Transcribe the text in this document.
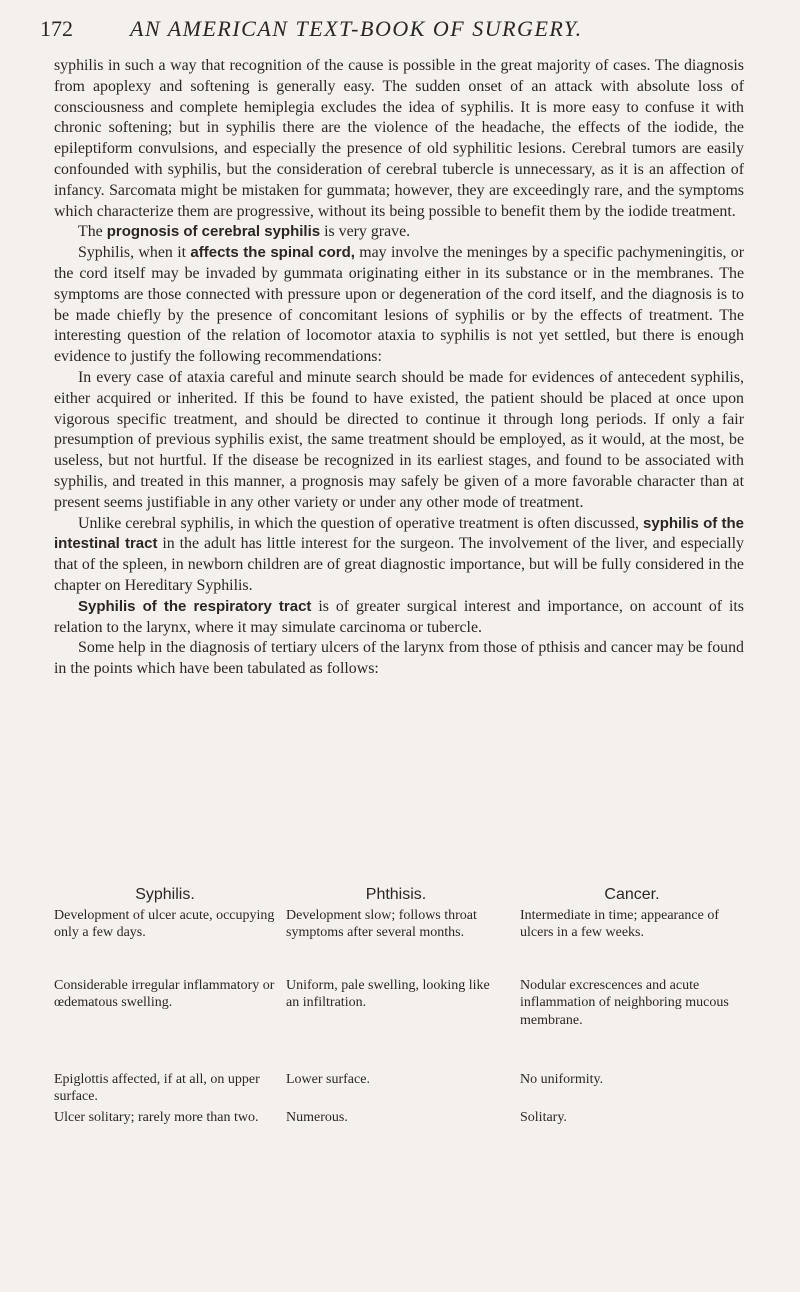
172	AN AMERICAN TEXT-BOOK OF SURGERY.

syphilis in such a way that recognition of the cause is possible in the great majority of cases. The diagnosis from apoplexy and softening is generally easy. The sudden onset of an attack with absolute loss of consciousness and complete hemiplegia excludes the idea of syphilis. It is more easy to confuse it with chronic softening; but in syphilis there are the violence of the headache, the effects of the iodide, the epileptiform convulsions, and especially the presence of old syphilitic lesions. Cerebral tumors are easily confounded with syphilis, but the consideration of cerebral tubercle is unnecessary, as it is an affection of infancy. Sarcomata might be mistaken for gummata; however, they are exceedingly rare, and the symptoms which characterize them are progressive, without its being possible to benefit them by the iodide treatment.

The prognosis of cerebral syphilis is very grave.

Syphilis, when it affects the spinal cord, may involve the meninges by a specific pachymeningitis, or the cord itself may be invaded by gummata originating either in its substance or in the membranes. The symptoms are those connected with pressure upon or degeneration of the cord itself, and the diagnosis is to be made chiefly by the presence of concomitant lesions of syphilis or by the effects of treatment. The interesting question of the relation of locomotor ataxia to syphilis is not yet settled, but there is enough evidence to justify the following recommendations:

In every case of ataxia careful and minute search should be made for evidences of antecedent syphilis, either acquired or inherited. If this be found to have existed, the patient should be placed at once upon vigorous specific treatment, and should be directed to continue it through long periods. If only a fair presumption of previous syphilis exist, the same treatment should be employed, as it would, at the most, be useless, but not hurtful. If the disease be recognized in its earliest stages, and found to be associated with syphilis, and treated in this manner, a prognosis may safely be given of a more favorable character than at present seems justifiable in any other variety or under any other mode of treatment.

Unlike cerebral syphilis, in which the question of operative treatment is often discussed, syphilis of the intestinal tract in the adult has little interest for the surgeon. The involvement of the liver, and especially that of the spleen, in newborn children are of great diagnostic importance, but will be fully considered in the chapter on Hereditary Syphilis.

Syphilis of the respiratory tract is of greater surgical interest and importance, on account of its relation to the larynx, where it may simulate carcinoma or tubercle.

Some help in the diagnosis of tertiary ulcers of the larynx from those of pthisis and cancer may be found in the points which have been tabulated as follows:

Syphilis.
Development of ulcer acute, occupying only a few days.
Considerable irregular inflammatory or œdematous swelling.
Epiglottis affected, if at all, on upper surface.
Ulcer solitary; rarely more than two.
Phthisis.
Development slow; follows throat symptoms after several months.
Uniform, pale swelling, looking like an infiltration.
Lower surface.
Numerous.
Cancer.
Intermediate in time; appearance of ulcers in a few weeks.
Nodular excrescences and acute inflammation of neighboring mucous membrane.
No uniformity.
Solitary.
